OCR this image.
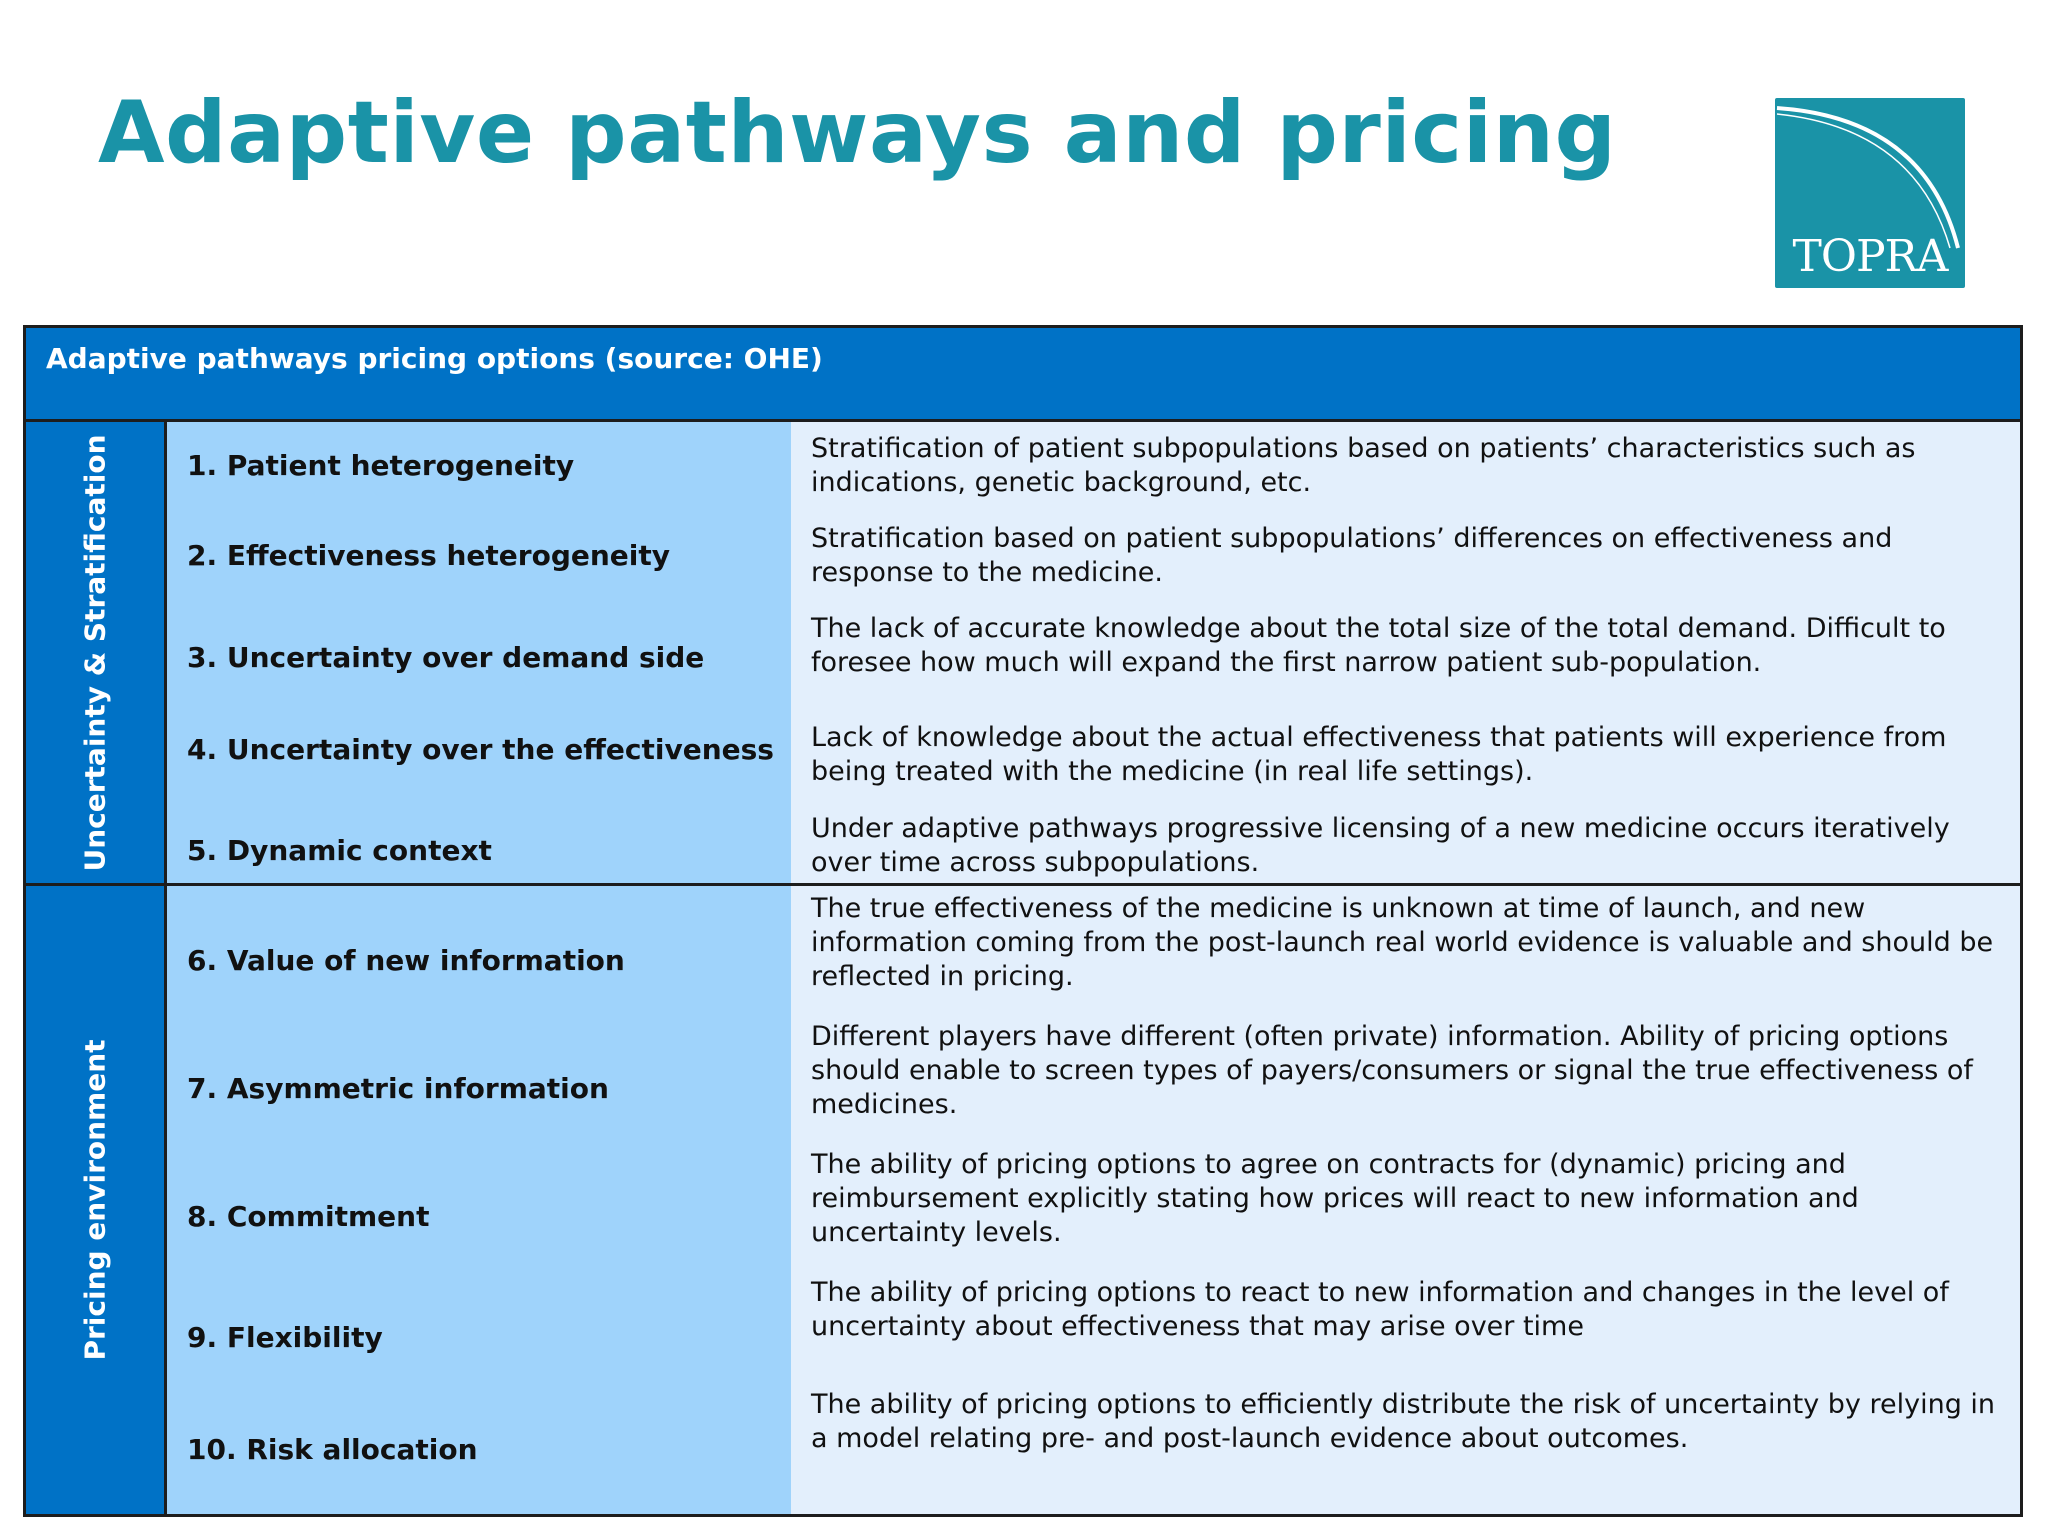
Adaptive pathways and pricing
TOPRA
Adaptive pathways pricing options (source: OHE)
Uncertainty & Stratification	1. Patient heterogeneity
Stratification of patient subpopulations based on patients’ characteristics such as indications, genetic background, etc.
2. Effectiveness heterogeneity
Stratification based on patient subpopulations’ differences on effectiveness and response to the medicine.
3. Uncertainty over demand side
The lack of accurate knowledge about the total size of the total demand. Difficult to foresee how much will expand the first narrow patient sub-population.
4. Uncertainty over the effectiveness Lack of knowledge about the actual effectiveness that patients will experience from being treated with the medicine (in real life settings).
5. Dynamic context
Under adaptive pathways progressive licensing of a new medicine occurs iteratively over time across subpopulations.
Pricing environment
6. Value of new information
The true effectiveness of the medicine is unknown at time of launch, and new information coming from the post-launch real world evidence is valuable and should be reflected in pricing.
7. Asymmetric information
Different players have different (often private) information. Ability of pricing options should enable to screen types of payers/consumers or signal the true effectiveness of medicines.
8. Commitment
The ability of pricing options to agree on contracts for (dynamic) pricing and reimbursement explicitly stating how prices will react to new information and uncertainty levels.
9. Flexibility
The ability of pricing options to react to new information and changes in the level of uncertainty about effectiveness that may arise over time
10. Risk allocation
The ability of pricing options to efficiently distribute the risk of uncertainty by relying in a model relating pre- and post-launch evidence about outcomes.
